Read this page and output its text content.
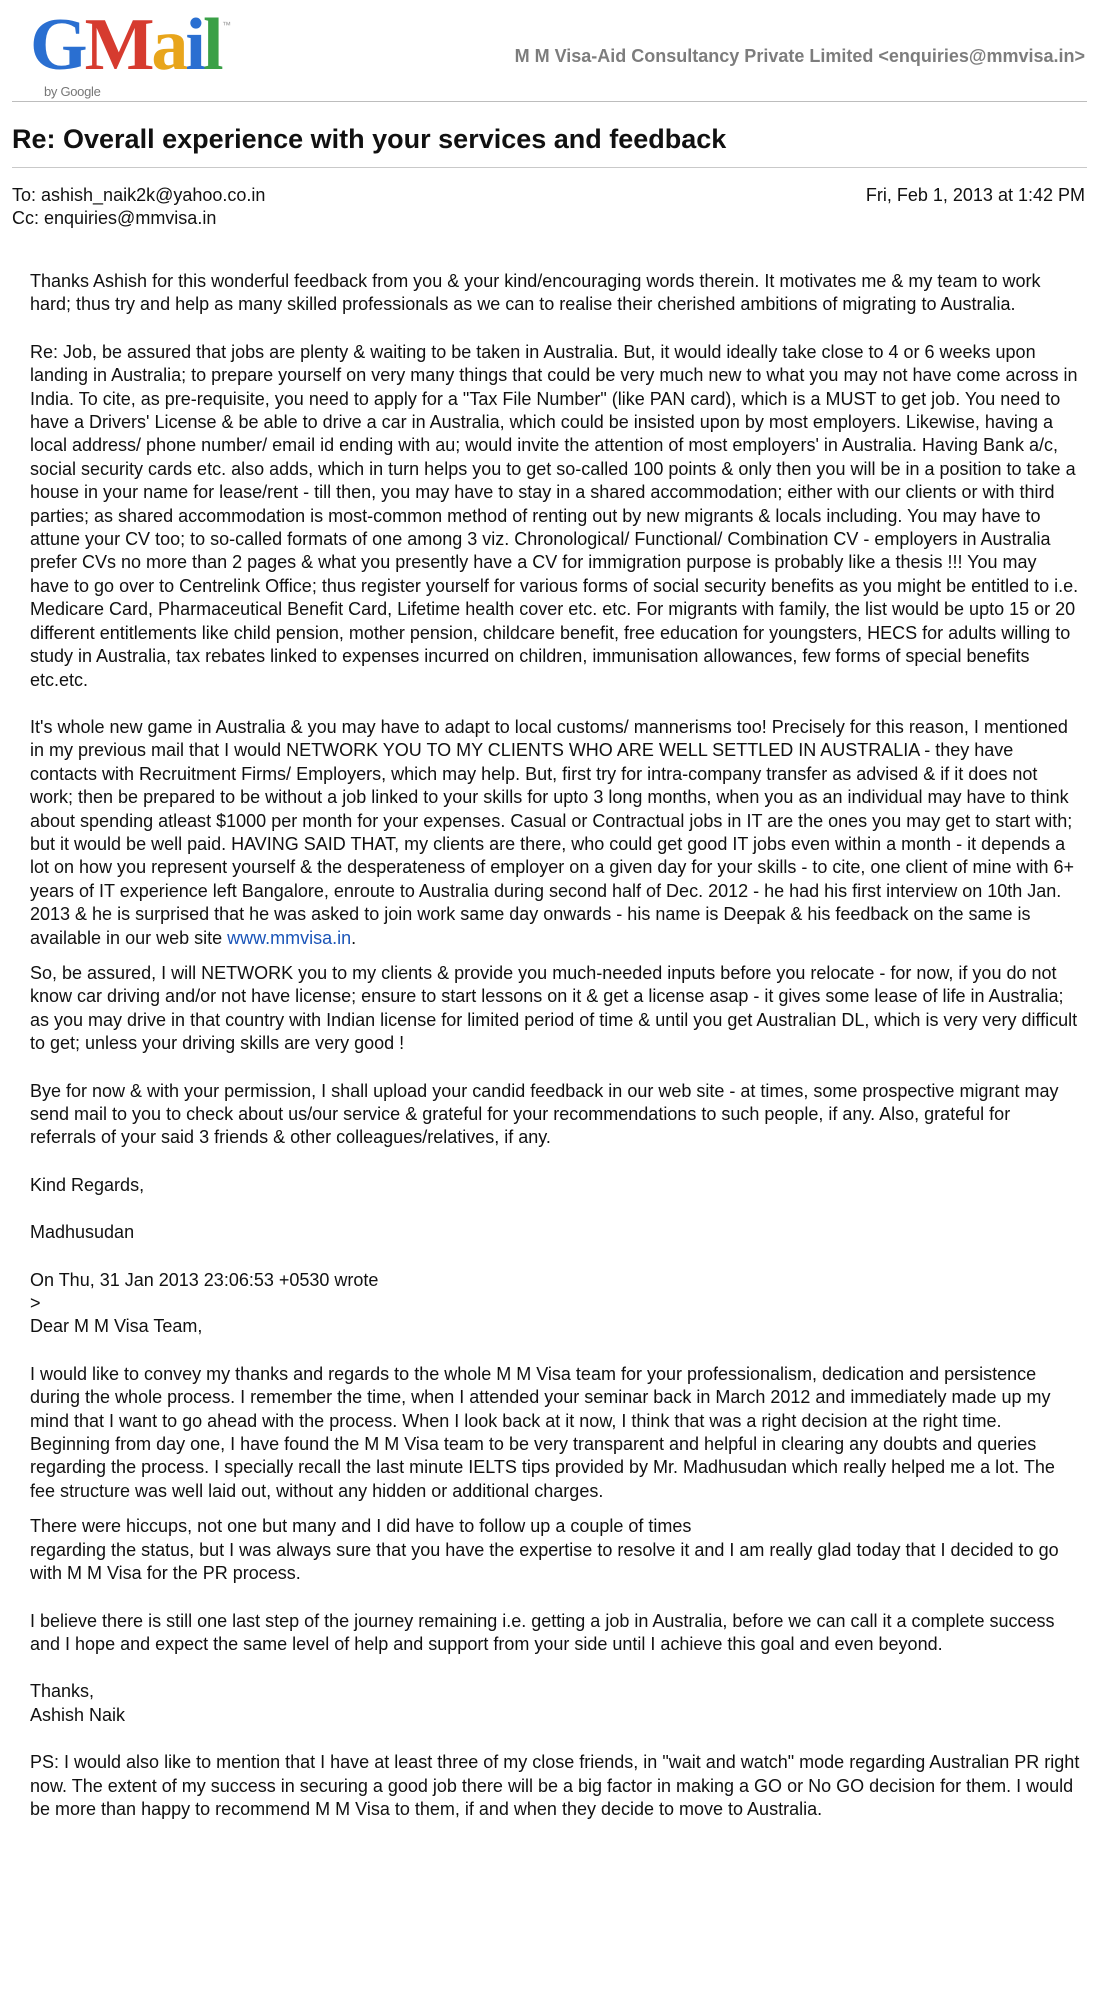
GMail ™
by Google
M M Visa-Aid Consultancy Private Limited <enquiries@mmvisa.in>
Re: Overall experience with your services and feedback
To: ashish_naik2k@yahoo.co.in
Cc: enquiries@mmvisa.in
Fri, Feb 1, 2013 at 1:42 PM

Thanks Ashish for this wonderful feedback from you & your kind/encouraging words therein. It motivates me & my team to work hard; thus try and help as many skilled professionals as we can to realise their cherished ambitions of migrating to Australia.

Re: Job, be assured that jobs are plenty & waiting to be taken in Australia. But, it would ideally take close to 4 or 6 weeks upon landing in Australia; to prepare yourself on very many things that could be very much new to what you may not have come across in India. To cite, as pre-requisite, you need to apply for a "Tax File Number" (like PAN card), which is a MUST to get job. You need to have a Drivers' License & be able to drive a car in Australia, which could be insisted upon by most employers. Likewise, having a local address/ phone number/ email id ending with au; would invite the attention of most employers' in Australia. Having Bank a/c, social security cards etc. also adds, which in turn helps you to get so-called 100 points & only then you will be in a position to take a house in your name for lease/rent - till then, you may have to stay in a shared accommodation; either with our clients or with third parties; as shared accommodation is most-common method of renting out by new migrants & locals including. You may have to attune your CV too; to so-called formats of one among 3 viz. Chronological/ Functional/ Combination CV - employers in Australia prefer CVs no more than 2 pages & what you presently have a CV for immigration purpose is probably like a thesis !!! You may have to go over to Centrelink Office; thus register yourself for various forms of social security benefits as you might be entitled to i.e. Medicare Card, Pharmaceutical Benefit Card, Lifetime health cover etc. etc. For migrants with family, the list would be upto 15 or 20 different entitlements like child pension, mother pension, childcare benefit, free education for youngsters, HECS for adults willing to study in Australia, tax rebates linked to expenses incurred on children, immunisation allowances, few forms of special benefits etc.etc.

It's whole new game in Australia & you may have to adapt to local customs/ mannerisms too! Precisely for this reason, I mentioned in my previous mail that I would NETWORK YOU TO MY CLIENTS WHO ARE WELL SETTLED IN AUSTRALIA - they have contacts with Recruitment Firms/ Employers, which may help. But, first try for intra-company transfer as advised & if it does not work; then be prepared to be without a job linked to your skills for upto 3 long months, when you as an individual may have to think about spending atleast $1000 per month for your expenses. Casual or Contractual jobs in IT are the ones you may get to start with; but it would be well paid. HAVING SAID THAT, my clients are there, who could get good IT jobs even within a month - it depends a lot on how you represent yourself & the desperateness of employer on a given day for your skills - to cite, one client of mine with 6+ years of IT experience left Bangalore, enroute to Australia during second half of Dec. 2012 - he had his first interview on 10th Jan. 2013 & he is surprised that he was asked to join work same day onwards - his name is Deepak & his feedback on the same is available in our web site www.mmvisa.in.

So, be assured, I will NETWORK you to my clients & provide you much-needed inputs before you relocate - for now, if you do not know car driving and/or not have license; ensure to start lessons on it & get a license asap - it gives some lease of life in Australia; as you may drive in that country with Indian license for limited period of time & until you get Australian DL, which is very very difficult to get; unless your driving skills are very good !

Bye for now & with your permission, I shall upload your candid feedback in our web site - at times, some prospective migrant may send mail to you to check about us/our service & grateful for your recommendations to such people, if any. Also, grateful for referrals of your said 3 friends & other colleagues/relatives, if any.

Kind Regards,

Madhusudan

On Thu, 31 Jan 2013 23:06:53 +0530 wrote

>

Dear M M Visa Team,

I would like to convey my thanks and regards to the whole M M Visa team for your professionalism, dedication and persistence during the whole process. I remember the time, when I attended your seminar back in March 2012 and immediately made up my mind that I want to go ahead with the process. When I look back at it now, I think that was a right decision at the right time. Beginning from day one, I have found the M M Visa team to be very transparent and helpful in clearing any doubts and queries regarding the process. I specially recall the last minute IELTS tips provided by Mr. Madhusudan which really helped me a lot. The fee structure was well laid out, without any hidden or additional charges.

There were hiccups, not one but many and I did have to follow up a couple of times
regarding the status, but I was always sure that you have the expertise to resolve it and I am really glad today that I decided to go with M M Visa for the PR process.

I believe there is still one last step of the journey remaining i.e. getting a job in Australia, before we can call it a complete success and I hope and expect the same level of help and support from your side until I achieve this goal and even beyond.

Thanks,
Ashish Naik

PS: I would also like to mention that I have at least three of my close friends, in "wait and watch" mode regarding Australian PR right now. The extent of my success in securing a good job there will be a big factor in making a GO or No GO decision for them. I would be more than happy to recommend M M Visa to them, if and when they decide to move to Australia.
